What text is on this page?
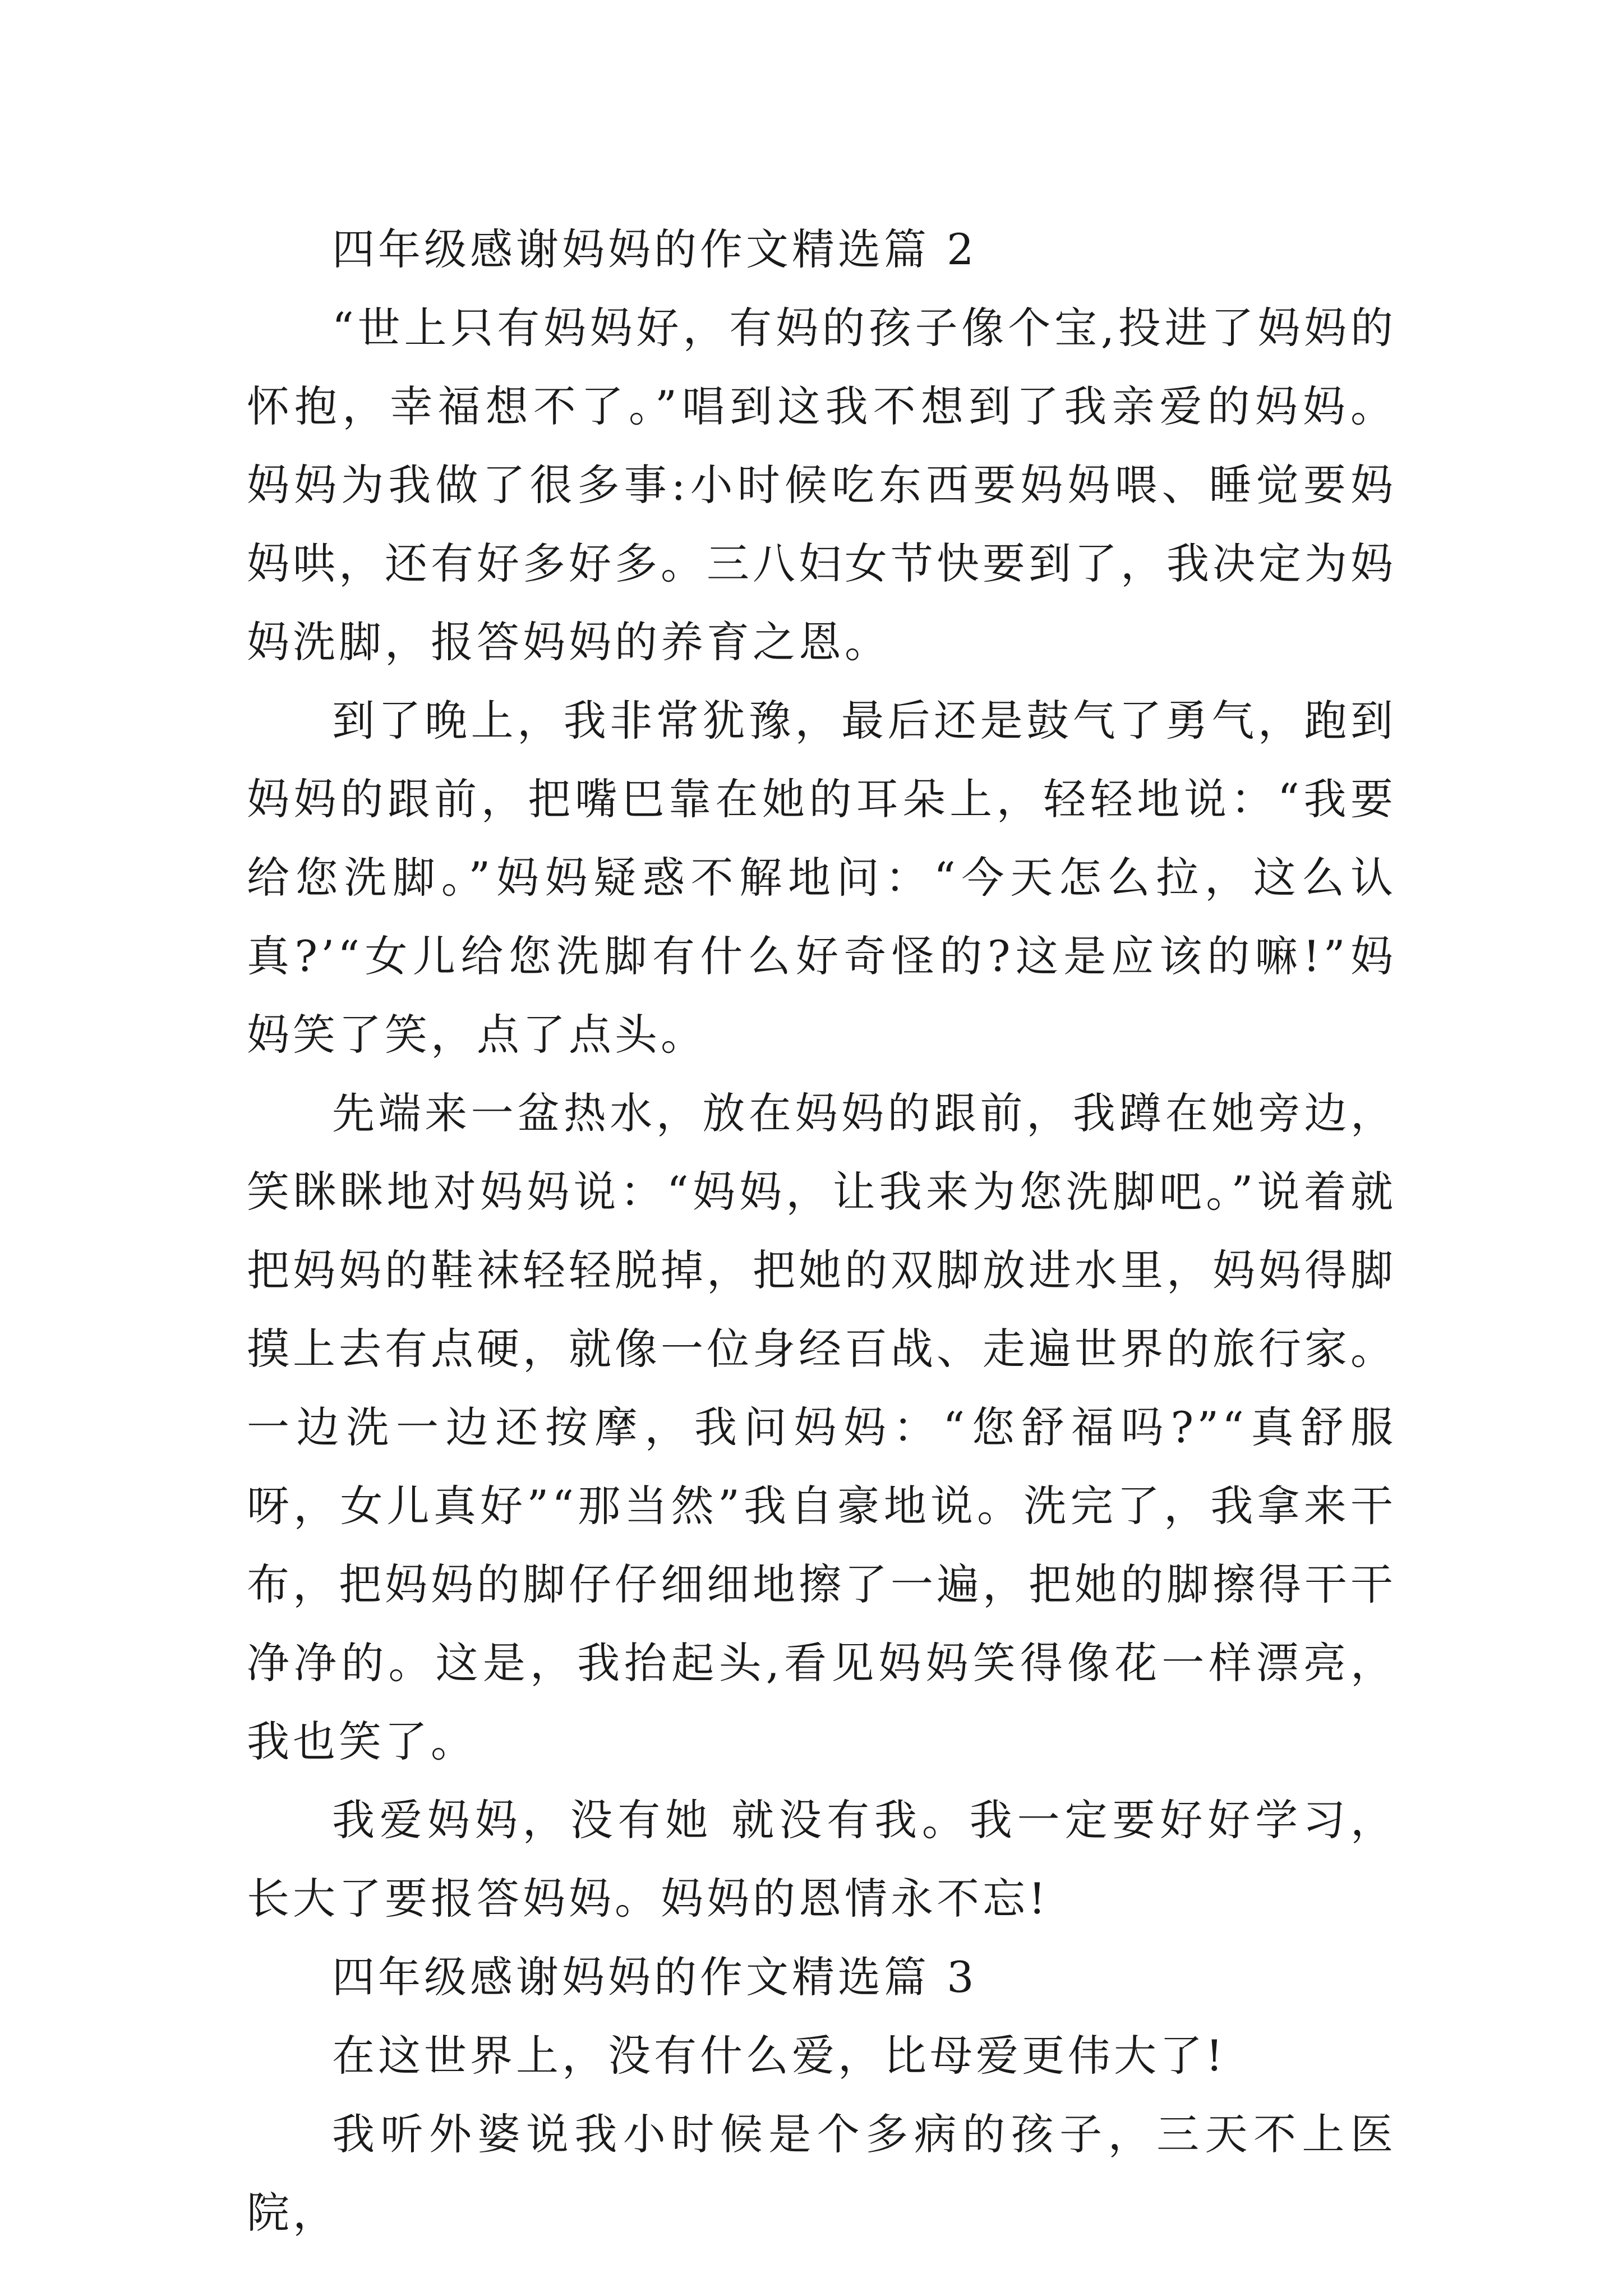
四年级感谢妈妈的作文精选篇 2

“世上只有妈妈好，有妈的孩子像个宝,投进了妈妈的怀抱，幸福想不了。”唱到这我不想到了我亲爱的妈妈。妈妈为我做了很多事:小时候吃东西要妈妈喂、睡觉要妈妈哄，还有好多好多。三八妇女节快要到了，我决定为妈妈洗脚，报答妈妈的养育之恩。

到了晚上，我非常犹豫，最后还是鼓气了勇气，跑到妈妈的跟前，把嘴巴靠在她的耳朵上，轻轻地说：“我要给您洗脚。”妈妈疑惑不解地问：“今天怎么拉，这么认真?’“女儿给您洗脚有什么好奇怪的?这是应该的嘛!”妈妈笑了笑，点了点头。

先端来一盆热水，放在妈妈的跟前，我蹲在她旁边，笑眯眯地对妈妈说：“妈妈，让我来为您洗脚吧。”说着就把妈妈的鞋袜轻轻脱掉，把她的双脚放进水里，妈妈得脚摸上去有点硬，就像一位身经百战、走遍世界的旅行家。一边洗一边还按摩，我问妈妈：“您舒福吗?”“真舒服呀，女儿真好”“那当然”我自豪地说。洗完了，我拿来干布，把妈妈的脚仔仔细细地擦了一遍，把她的脚擦得干干净净的。这是，我抬起头,看见妈妈笑得像花一样漂亮，我也笑了。

我爱妈妈，没有她 就没有我。我一定要好好学习，长大了要报答妈妈。妈妈的恩情永不忘!

四年级感谢妈妈的作文精选篇 3

在这世界上，没有什么爱，比母爱更伟大了!

我听外婆说我小时候是个多病的孩子，三天不上医院，
